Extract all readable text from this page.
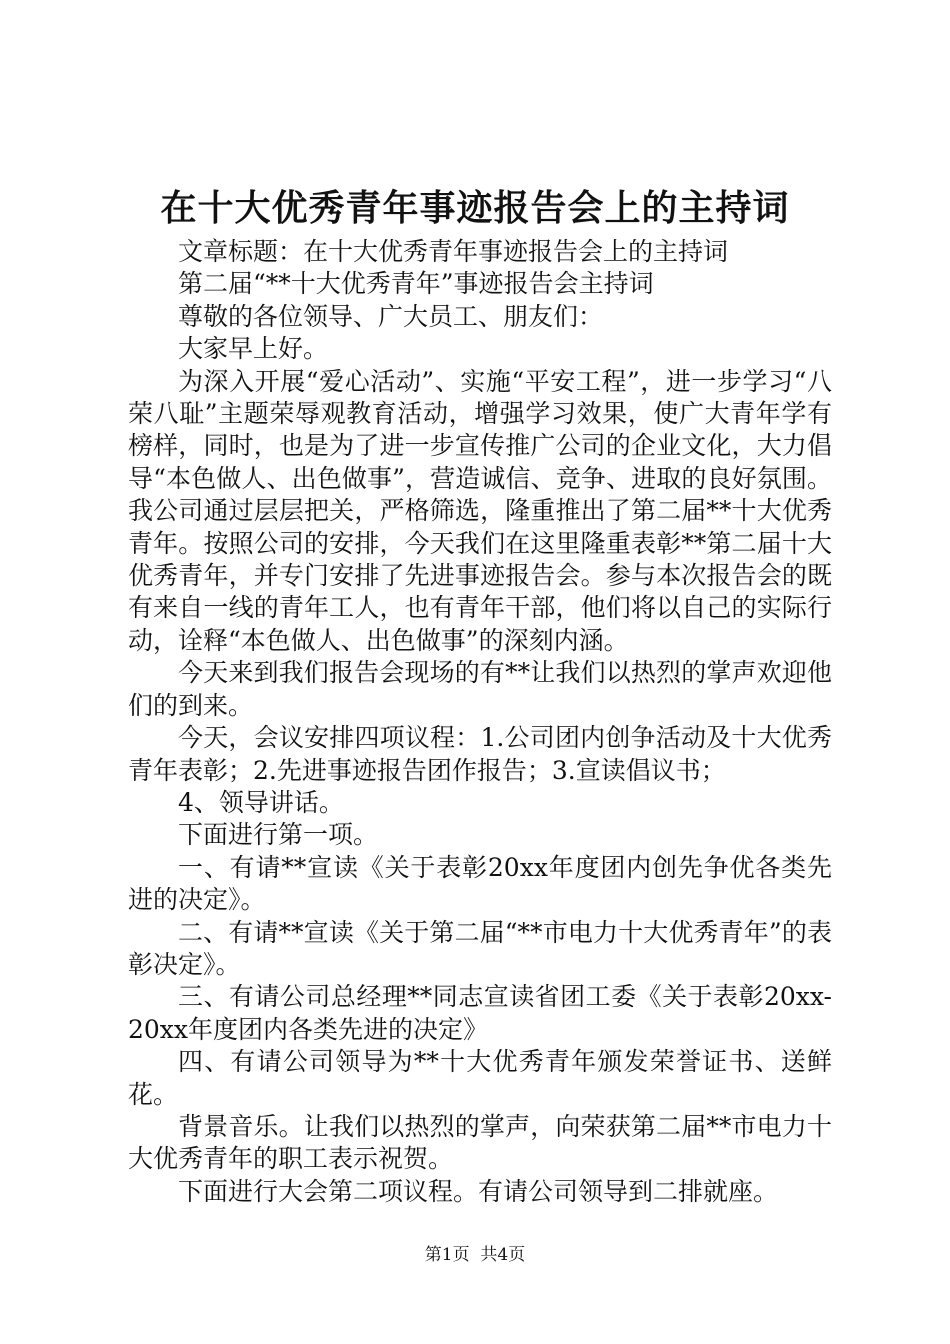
在十大优秀青年事迹报告会上的主持词

文章标题：在十大优秀青年事迹报告会上的主持词

第二届“**十大优秀青年”事迹报告会主持词

尊敬的各位领导、广大员工、朋友们：

大家早上好。

为深入开展“爱心活动”、实施“平安工程”，进一步学习“八荣八耻”主题荣辱观教育活动，增强学习效果，使广大青年学有榜样，同时，也是为了进一步宣传推广公司的企业文化，大力倡导“本色做人、出色做事”，营造诚信、竞争、进取的良好氛围。我公司通过层层把关，严格筛选，隆重推出了第二届**十大优秀青年。按照公司的安排，今天我们在这里隆重表彰**第二届十大优秀青年，并专门安排了先进事迹报告会。参与本次报告会的既有来自一线的青年工人，也有青年干部，他们将以自己的实际行动，诠释“本色做人、出色做事”的深刻内涵。

今天来到我们报告会现场的有**让我们以热烈的掌声欢迎他们的到来。

今天，会议安排四项议程：1.公司团内创争活动及十大优秀青年表彰；2.先进事迹报告团作报告；3.宣读倡议书；

4、领导讲话。

下面进行第一项。

一、有请**宣读《关于表彰20xx年度团内创先争优各类先进的决定》。

二、有请**宣读《关于第二届“**市电力十大优秀青年”的表彰决定》。

三、有请公司总经理**同志宣读省团工委《关于表彰20xx-20xx年度团内各类先进的决定》

四、有请公司领导为**十大优秀青年颁发荣誉证书、送鲜花。

背景音乐。让我们以热烈的掌声，向荣获第二届**市电力十大优秀青年的职工表示祝贺。

下面进行大会第二项议程。有请公司领导到二排就座。

第1页 共4页
